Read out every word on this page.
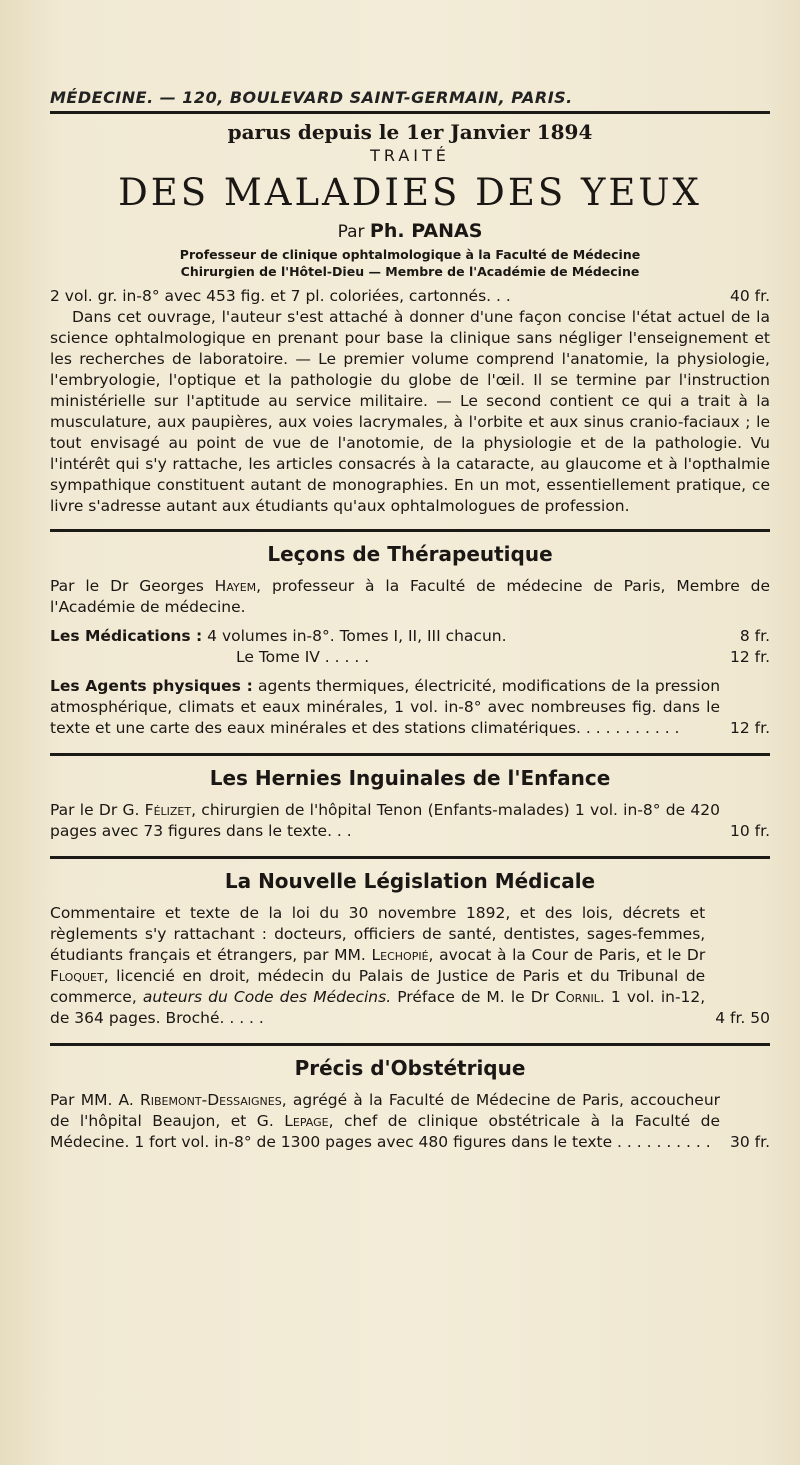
MÉDECINE. — 120, BOULEVARD SAINT-GERMAIN, PARIS.

parus depuis le 1er Janvier 1894

TRAITÉ

DES MALADIES DES YEUX

Par Ph. PANAS

Professeur de clinique ophtalmologique à la Faculté de Médecine

Chirurgien de l'Hôtel-Dieu — Membre de l'Académie de Médecine

2 vol. gr. in-8° avec 453 fig. et 7 pl. coloriées, cartonnés. . .	40 fr.

Dans cet ouvrage, l'auteur s'est attaché à donner d'une façon concise l'état actuel de la science ophtalmologique en prenant pour base la clinique sans négliger l'enseignement et les recherches de laboratoire. — Le premier volume comprend l'anatomie, la physiologie, l'embryologie, l'optique et la pathologie du globe de l'œil. Il se termine par l'instruction ministérielle sur l'aptitude au service militaire. — Le second contient ce qui a trait à la musculature, aux paupières, aux voies lacrymales, à l'orbite et aux sinus cranio-faciaux ; le tout envisagé au point de vue de l'anotomie, de la physiologie et de la pathologie. Vu l'intérêt qui s'y rattache, les articles consacrés à la cataracte, au glaucome et à l'opthalmie sympathique constituent autant de monographies. En un mot, essentiellement pratique, ce livre s'adresse autant aux étudiants qu'aux ophtalmologues de profession.

Leçons de Thérapeutique

Par le Dr Georges Hayem, professeur à la Faculté de médecine de Paris, Membre de l'Académie de médecine.

Les Médications : 4 volumes in-8°. Tomes I, II, III chacun.	8 fr.
Le Tome IV . . . . .	12 fr.

Les Agents physiques : agents thermiques, électricité, modifications de la pression atmosphérique, climats et eaux minérales, 1 vol. in-8° avec nombreuses fig. dans le texte et une carte des eaux minérales et des stations climatériques. . . . . . . . . . .	12 fr.
Les Hernies Inguinales de l'Enfance

Par le Dr G. Félizet, chirurgien de l'hôpital Tenon (Enfants-malades) 1 vol. in-8° de 420 pages avec 73 figures dans le texte. . .	10 fr.
La Nouvelle Législation Médicale

Commentaire et texte de la loi du 30 novembre 1892, et des lois, décrets et règlements s'y rattachant : docteurs, officiers de santé, dentistes, sages-femmes, étudiants français et étrangers, par MM. Lechopié, avocat à la Cour de Paris, et le Dr Floquet, licencié en droit, médecin du Palais de Justice de Paris et du Tribunal de commerce, auteurs du Code des Médecins. Préface de M. le Dr Cornil. 1 vol. in-12, de 364 pages. Broché. . . . .	4 fr. 50
Précis d'Obstétrique

Par MM. A. Ribemont-Dessaignes, agrégé à la Faculté de Médecine de Paris, accoucheur de l'hôpital Beaujon, et G. Lepage, chef de clinique obstétricale à la Faculté de Médecine. 1 fort vol. in-8° de 1300 pages avec 480 figures dans le texte . . . . . . . . . .	30 fr.
